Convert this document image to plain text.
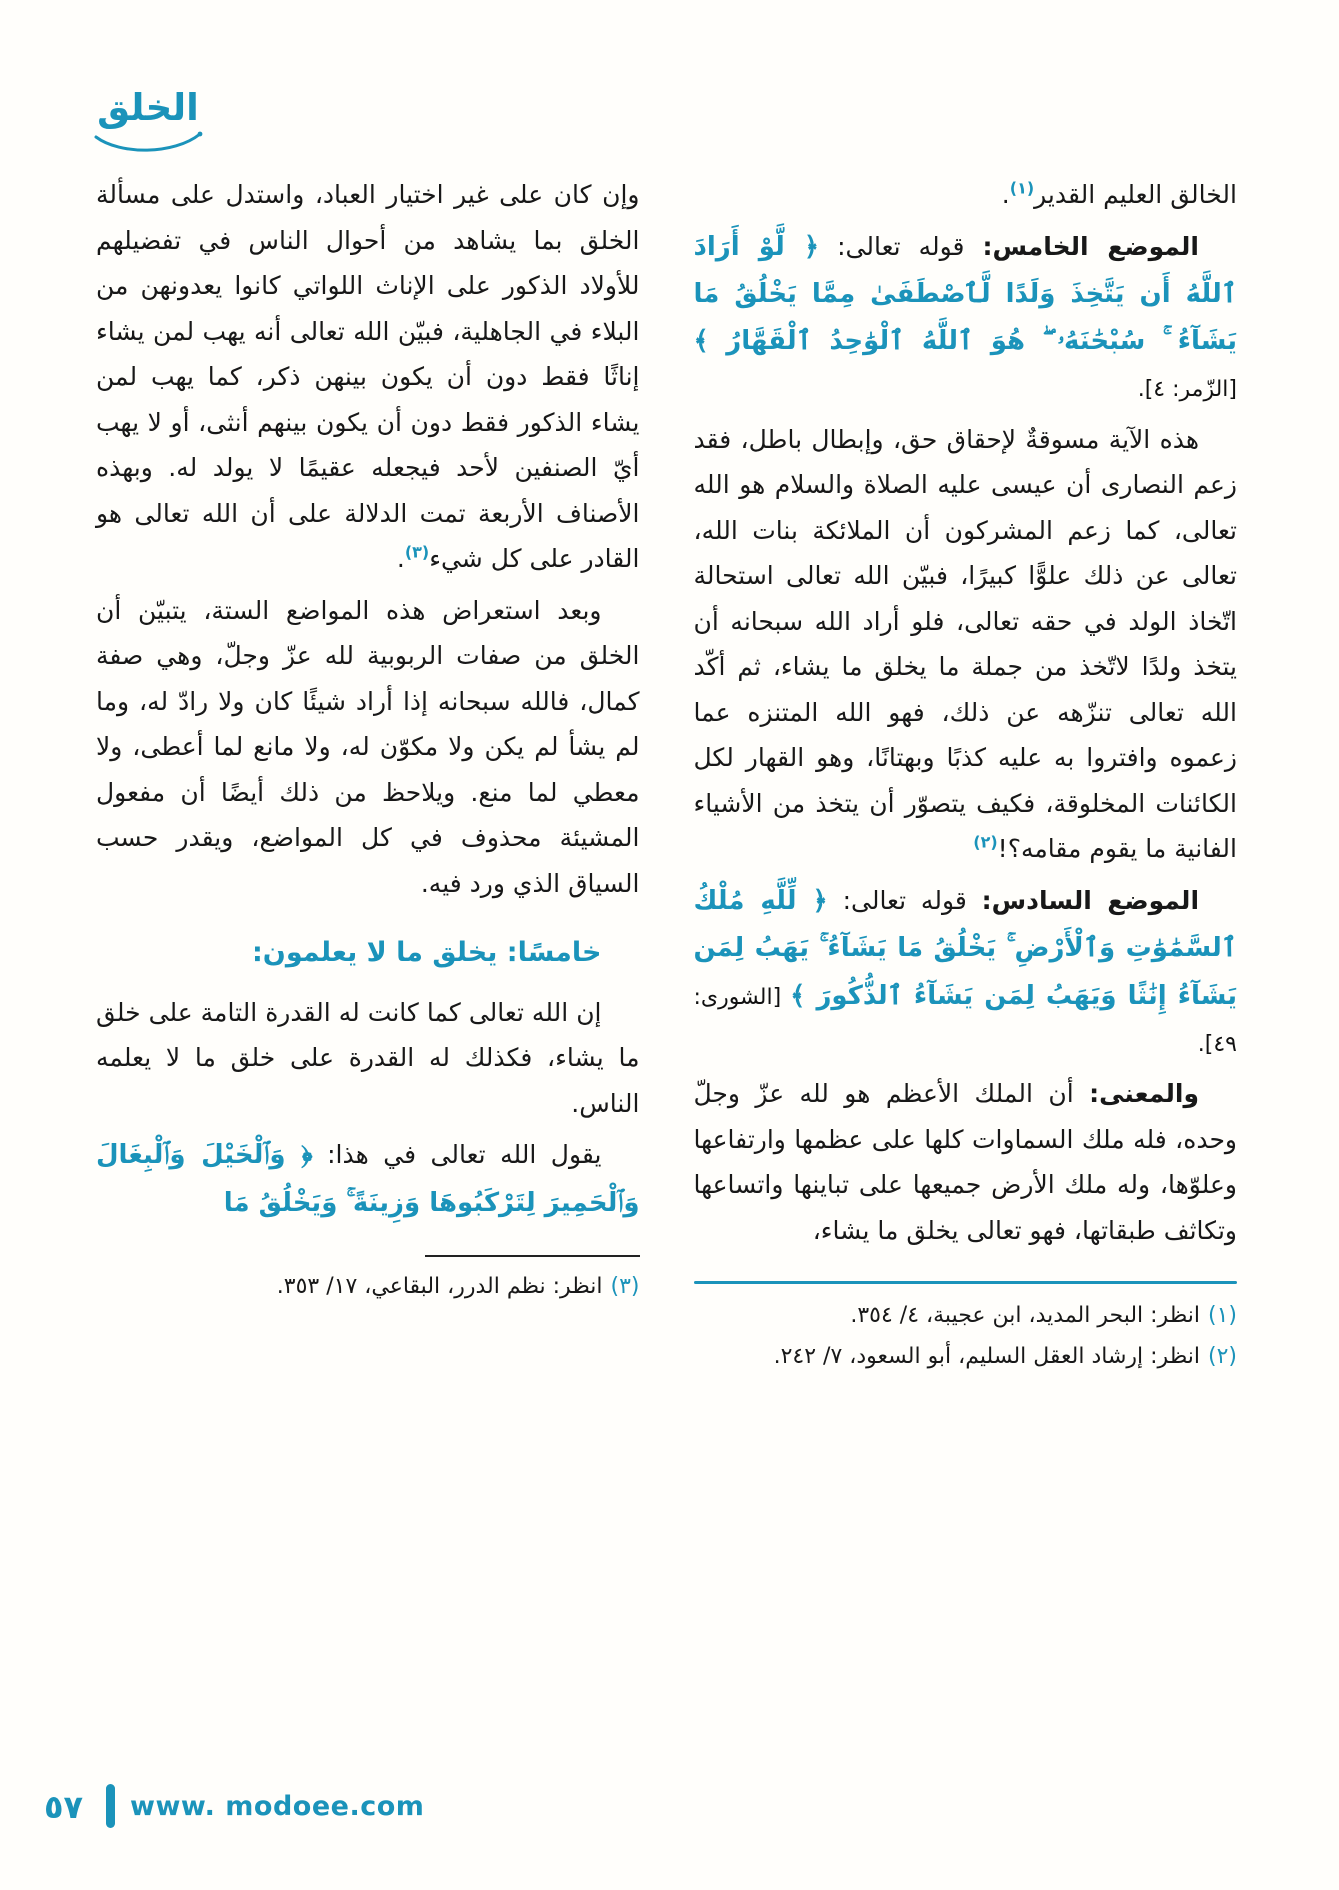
الخلق

الخالق العليم القدير$^{(١)}$.

الموضع الخامس: قوله تعالى: ﴿ لَّوْ أَرَادَ ٱللَّهُ أَن يَتَّخِذَ وَلَدًا لَّٱصْطَفَىٰ مِمَّا يَخْلُقُ مَا يَشَآءُ ۚ سُبْحَٰنَهُۥ ۖ هُوَ ٱللَّهُ ٱلْوَٰحِدُ ٱلْقَهَّارُ ﴾ [الزّمر: ٤].

هذه الآية مسوقةٌ لإحقاق حق، وإبطال باطل، فقد زعم النصارى أن عيسى عليه الصلاة والسلام هو الله تعالى، كما زعم المشركون أن الملائكة بنات الله، تعالى عن ذلك علوًّا كبيرًا، فبيّن الله تعالى استحالة اتّخاذ الولد في حقه تعالى، فلو أراد الله سبحانه أن يتخذ ولدًا لاتّخذ من جملة ما يخلق ما يشاء، ثم أكّد الله تعالى تنزّهه عن ذلك، فهو الله المتنزه عما زعموه وافتروا به عليه كذبًا وبهتانًا، وهو القهار لكل الكائنات المخلوقة، فكيف يتصوّر أن يتخذ من الأشياء الفانية ما يقوم مقامه؟!$^{(٢)}$

الموضع السادس: قوله تعالى: ﴿ لِّلَّهِ مُلْكُ ٱلسَّمَٰوَٰتِ وَٱلْأَرْضِ ۚ يَخْلُقُ مَا يَشَآءُ ۚ يَهَبُ لِمَن يَشَآءُ إِنَٰثًا وَيَهَبُ لِمَن يَشَآءُ ٱلذُّكُورَ ﴾ [الشورى: ٤٩].

والمعنى: أن الملك الأعظم هو لله عزّ وجلّ وحده، فله ملك السماوات كلها على عظمها وارتفاعها وعلوّها، وله ملك الأرض جميعها على تباينها واتساعها وتكاثف طبقاتها، فهو تعالى يخلق ما يشاء،

(١)
انظر: البحر المديد، ابن عجيبة، ٤/ ٣٥٤.
(٢)
انظر: إرشاد العقل السليم، أبو السعود، ٧/ ٢٤٢.

وإن كان على غير اختيار العباد، واستدل على مسألة الخلق بما يشاهد من أحوال الناس في تفضيلهم للأولاد الذكور على الإناث اللواتي كانوا يعدونهن من البلاء في الجاهلية، فبيّن الله تعالى أنه يهب لمن يشاء إناثًا فقط دون أن يكون بينهن ذكر، كما يهب لمن يشاء الذكور فقط دون أن يكون بينهم أنثى، أو لا يهب أيّ الصنفين لأحد فيجعله عقيمًا لا يولد له. وبهذه الأصناف الأربعة تمت الدلالة على أن الله تعالى هو القادر على كل شيء$^{(٣)}$.

وبعد استعراض هذه المواضع الستة، يتبيّن أن الخلق من صفات الربوبية لله عزّ وجلّ، وهي صفة كمال، فالله سبحانه إذا أراد شيئًا كان ولا رادّ له، وما لم يشأ لم يكن ولا مكوّن له، ولا مانع لما أعطى، ولا معطي لما منع. ويلاحظ من ذلك أيضًا أن مفعول المشيئة محذوف في كل المواضع، ويقدر حسب السياق الذي ورد فيه.

خامسًا: يخلق ما لا يعلمون:

إن الله تعالى كما كانت له القدرة التامة على خلق ما يشاء، فكذلك له القدرة على خلق ما لا يعلمه الناس.

يقول الله تعالى في هذا: ﴿ وَٱلْخَيْلَ وَٱلْبِغَالَ وَٱلْحَمِيرَ لِتَرْكَبُوهَا وَزِينَةً ۚ وَيَخْلُقُ مَا

(٣)
انظر: نظم الدرر، البقاعي، ١٧/ ٣٥٣.
٥٧ www. modoee.com
